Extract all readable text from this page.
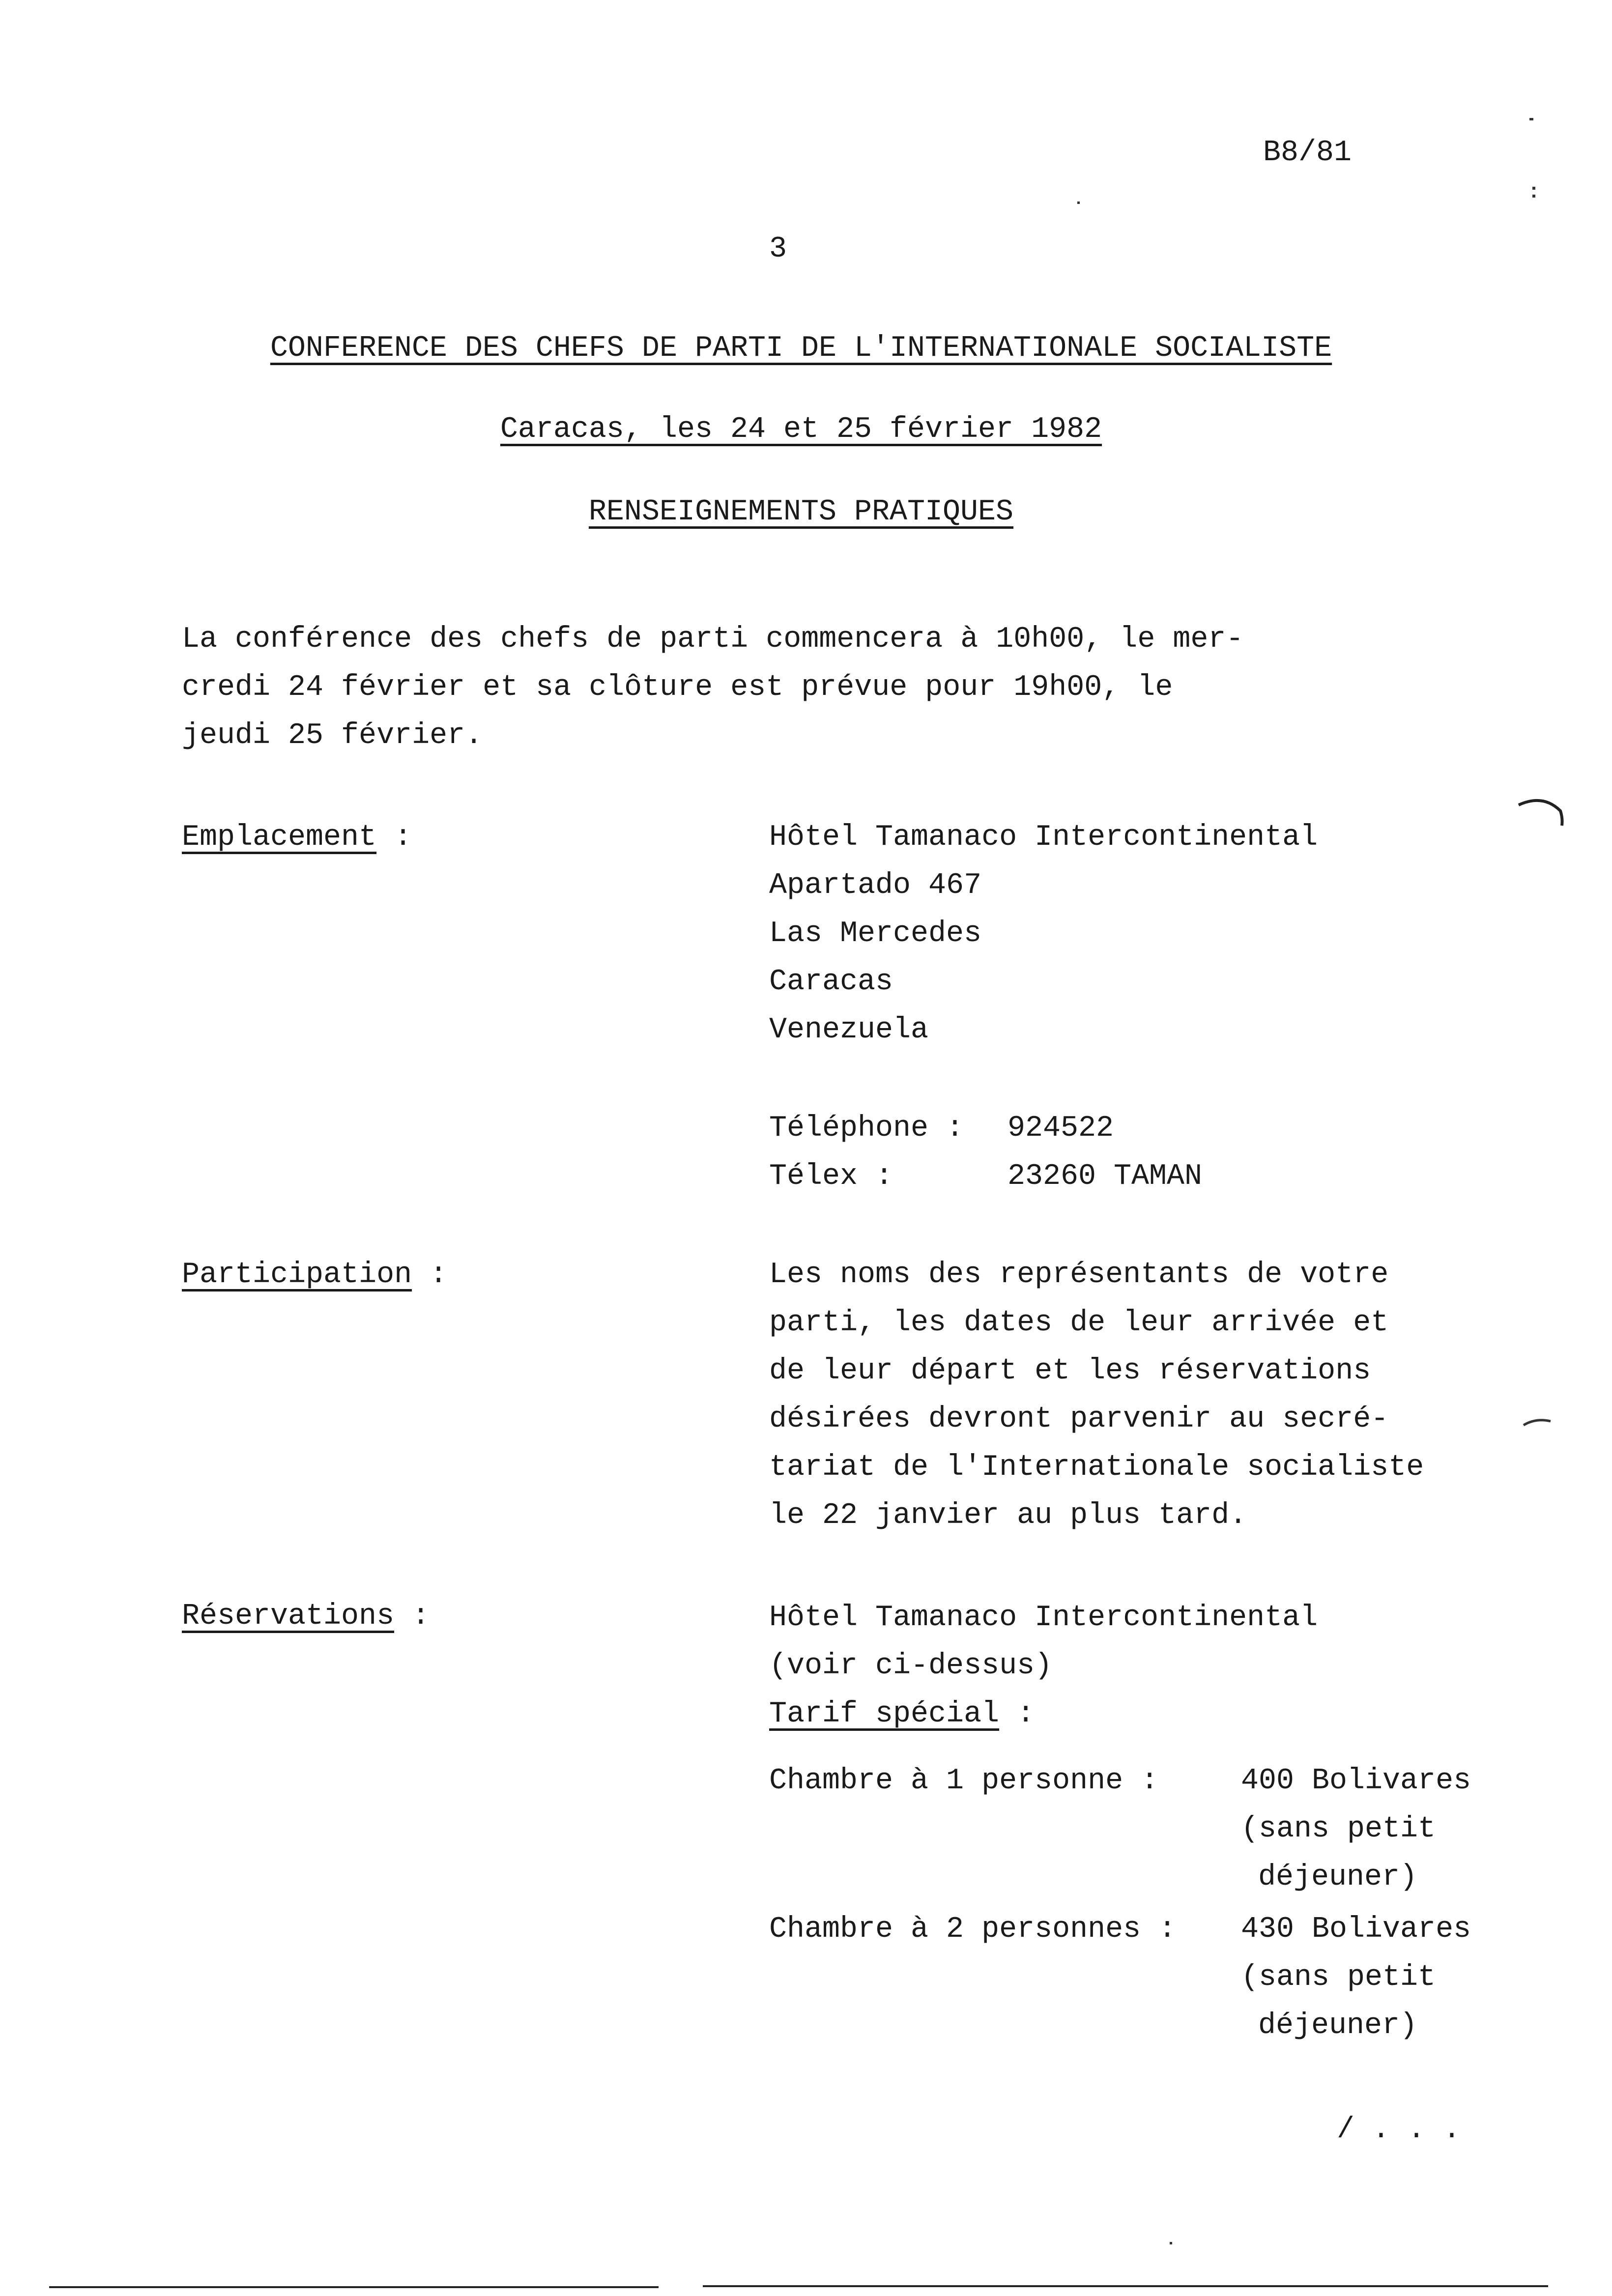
B8/81
3
CONFERENCE DES CHEFS DE PARTI DE L'INTERNATIONALE SOCIALISTE
Caracas, les 24 et 25 février 1982
RENSEIGNEMENTS PRATIQUES
La conférence des chefs de parti commencera à 10h00, le mer-
credi 24 février et sa clôture est prévue pour 19h00, le
jeudi 25 février.
Emplacement :	Hôtel Tamanaco Intercontinental
Apartado 467
Las Mercedes
Caracas
Venezuela
Téléphone : 924522
Télex :	23260 TAMAN
Participation :	Les noms des représentants de votre
parti, les dates de leur arrivée et
de leur départ et les réservations
désirées devront parvenir au secré-
tariat de l'Internationale socialiste
le 22 janvier au plus tard.
Réservations :	Hôtel Tamanaco Intercontinental
(voir ci-dessus)
Tarif spécial :
Chambre à 1 personne :	400 Bolivares
(sans petit
déjeuner)
Chambre à 2 personnes : 430 Bolivares
(sans petit
déjeuner)
/ . . .
